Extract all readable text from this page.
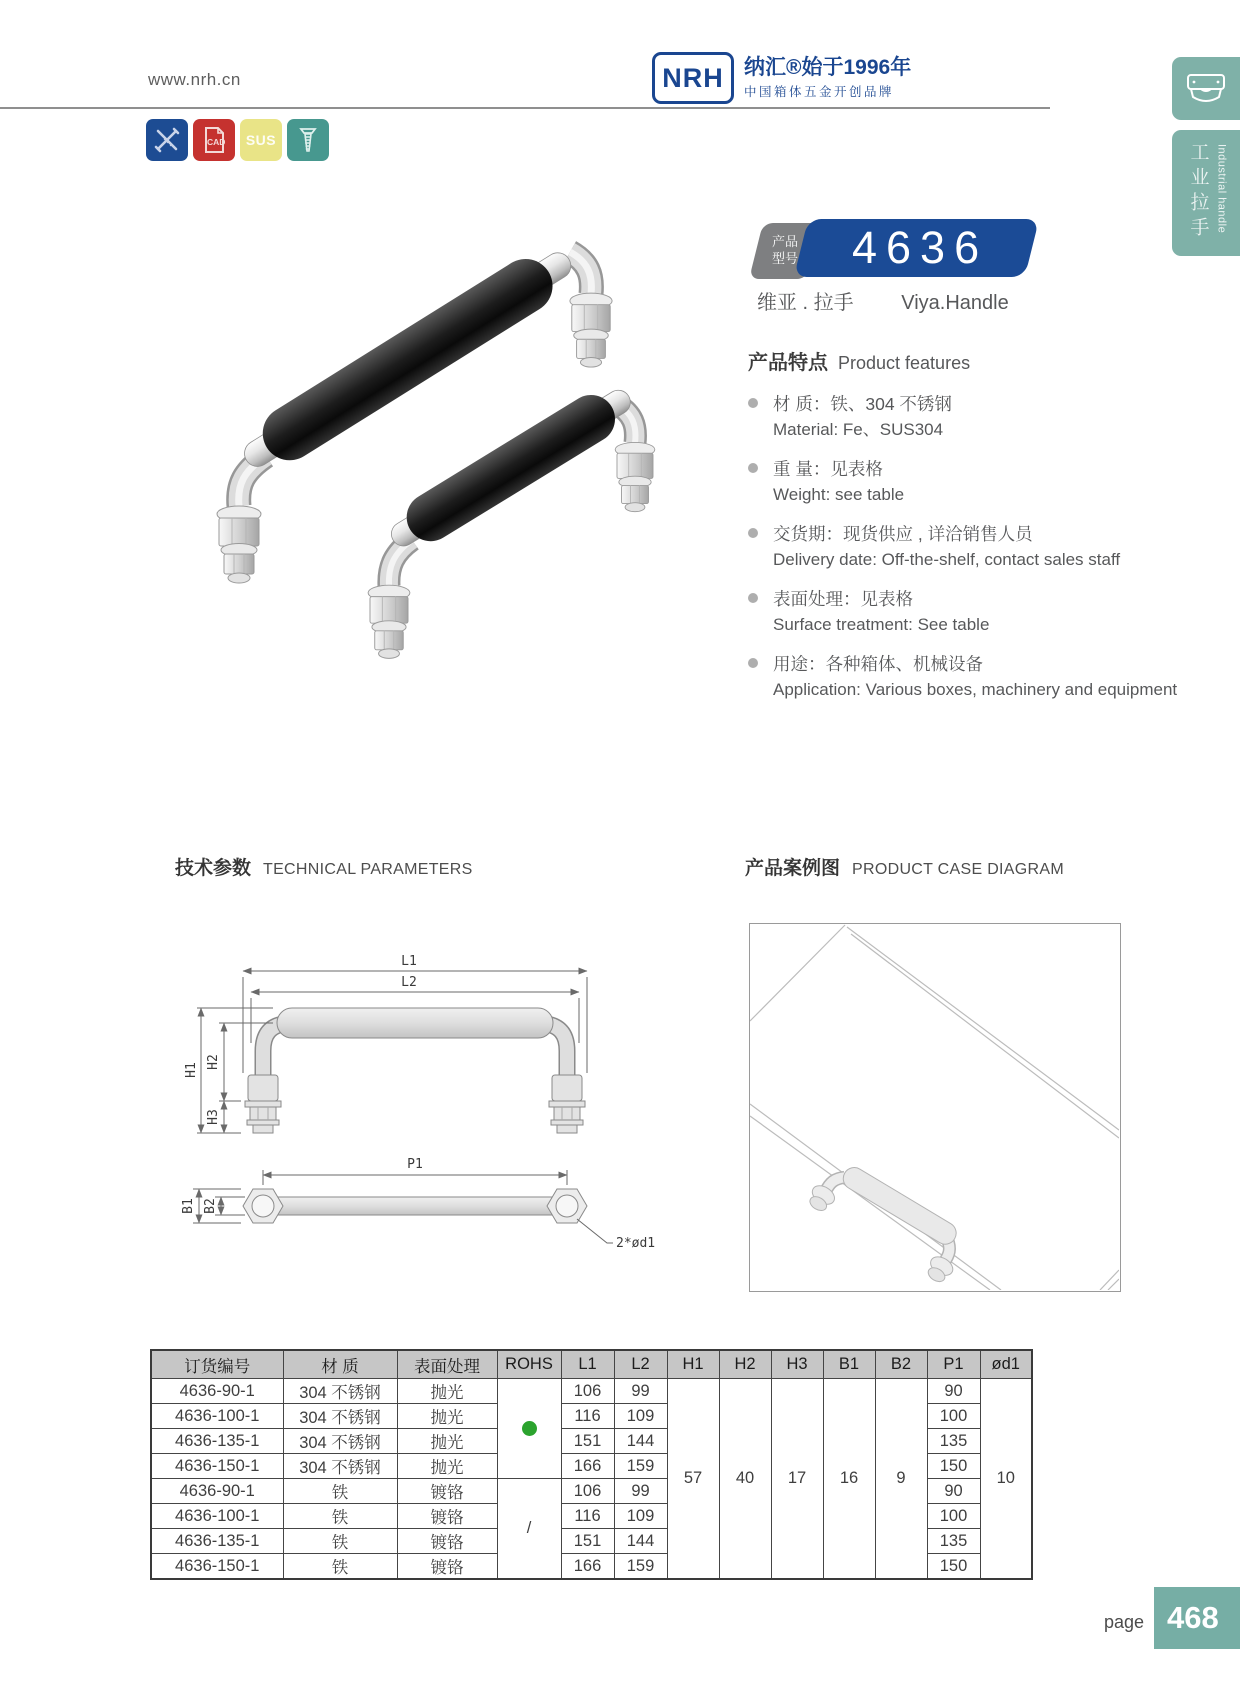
www.nrh.cn	NRH 纳汇®始于1996年
中国箱体五金开创品牌
CAD SUS
工业拉手 Industrial handle
产品
型号 4636
维亚 . 拉手 Viya.Handle
产品特点 Product features
材 质：铁、304 不锈钢
Material: Fe、SUS304
重 量：见表格
Weight: see table
交货期：现货供应 , 详洽销售人员
Delivery date: Off-the-shelf, contact sales staff
表面处理：见表格
Surface treatment: See table
用途：各种箱体、机械设备
Application: Various boxes, machinery and equipment
技术参数 TECHNICAL PARAMETERS	产品案例图 PRODUCT CASE DIAGRAM
L1
L2
H1
H2
H3
P1
B1 B2
2*ød1
订货编号	材 质	表面处理	ROHS	L1	L2	H1	H2	H3	B1	B2	P1	ød1
4636-90-1	304 不锈钢	抛光		106	99	57	40	17	16	9	90	10
4636-100-1	304 不锈钢	抛光		116	109						100	
4636-135-1	304 不锈钢	抛光		151	144						135	
4636-150-1	304 不锈钢	抛光		166	159						150	
4636-90-1	铁	镀铬	/	106	99						90	
4636-100-1	铁	镀铬		116	109						100	
4636-135-1	铁	镀铬		151	144						135	
4636-150-1	铁	镀铬		166	159						150	
page 468
